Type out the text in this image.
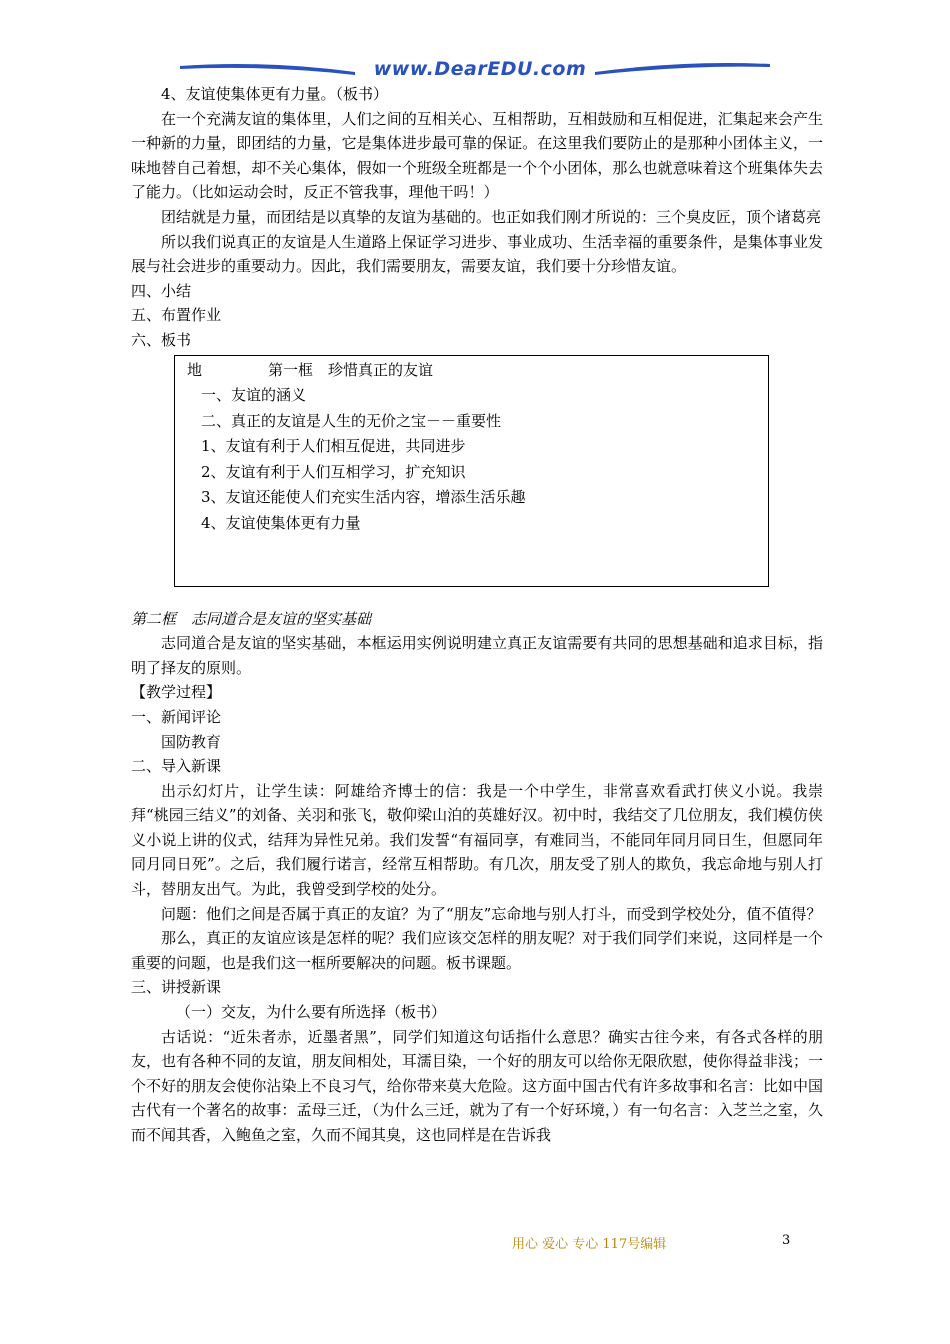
www.DearEDU.com

4、友谊使集体更有力量。（板书）

在一个充满友谊的集体里，人们之间的互相关心、互相帮助，互相鼓励和互相促进，汇集起来会产生一种新的力量，即团结的力量，它是集体进步最可靠的保证。在这里我们要防止的是那种小团体主义，一味地替自己着想，却不关心集体，假如一个班级全班都是一个个小团体，那么也就意味着这个班集体失去了能力。（比如运动会时，反正不管我事，理他干吗！）

团结就是力量，而团结是以真挚的友谊为基础的。也正如我们刚才所说的：三个臭皮匠，顶个诸葛亮

所以我们说真正的友谊是人生道路上保证学习进步、事业成功、生活幸福的重要条件，是集体事业发展与社会进步的重要动力。因此，我们需要朋友，需要友谊，我们要十分珍惜友谊。

四、小结

五、布置作业

六、板书

地	第一框　珍惜真正的友谊

一、友谊的涵义

二、真正的友谊是人生的无价之宝－－重要性

1、友谊有利于人们相互促进，共同进步

2、友谊有利于人们互相学习，扩充知识

3、友谊还能使人们充实生活内容，增添生活乐趣

4、友谊使集体更有力量

第二框　志同道合是友谊的坚实基础

志同道合是友谊的坚实基础，本框运用实例说明建立真正友谊需要有共同的思想基础和追求目标，指明了择友的原则。

【教学过程】

一、新闻评论

国防教育

二、导入新课

出示幻灯片，让学生读：阿雄给齐博士的信：我是一个中学生，非常喜欢看武打侠义小说。我崇拜“桃园三结义”的刘备、关羽和张飞，敬仰梁山泊的英雄好汉。初中时，我结交了几位朋友，我们模仿侠义小说上讲的仪式，结拜为异性兄弟。我们发誓“有福同享，有难同当，不能同年同月同日生，但愿同年同月同日死”。之后，我们履行诺言，经常互相帮助。有几次，朋友受了别人的欺负，我忘命地与别人打斗，替朋友出气。为此，我曾受到学校的处分。

问题：他们之间是否属于真正的友谊？为了“朋友”忘命地与别人打斗，而受到学校处分，值不值得？

那么，真正的友谊应该是怎样的呢？我们应该交怎样的朋友呢？对于我们同学们来说，这同样是一个重要的问题，也是我们这一框所要解决的问题。板书课题。

三、讲授新课

（一）交友，为什么要有所选择（板书）

古话说：“近朱者赤，近墨者黑”，同学们知道这句话指什么意思？确实古往今来，有各式各样的朋友，也有各种不同的友谊，朋友间相处，耳濡目染，一个好的朋友可以给你无限欣慰，使你得益非浅；一个不好的朋友会使你沾染上不良习气，给你带来莫大危险。这方面中国古代有许多故事和名言：比如中国古代有一个著名的故事：孟母三迁，（为什么三迁，就为了有一个好环境，）有一句名言：入芝兰之室，久而不闻其香，入鲍鱼之室，久而不闻其臭，这也同样是在告诉我

用心 爱心 专心 117号编辑	3
